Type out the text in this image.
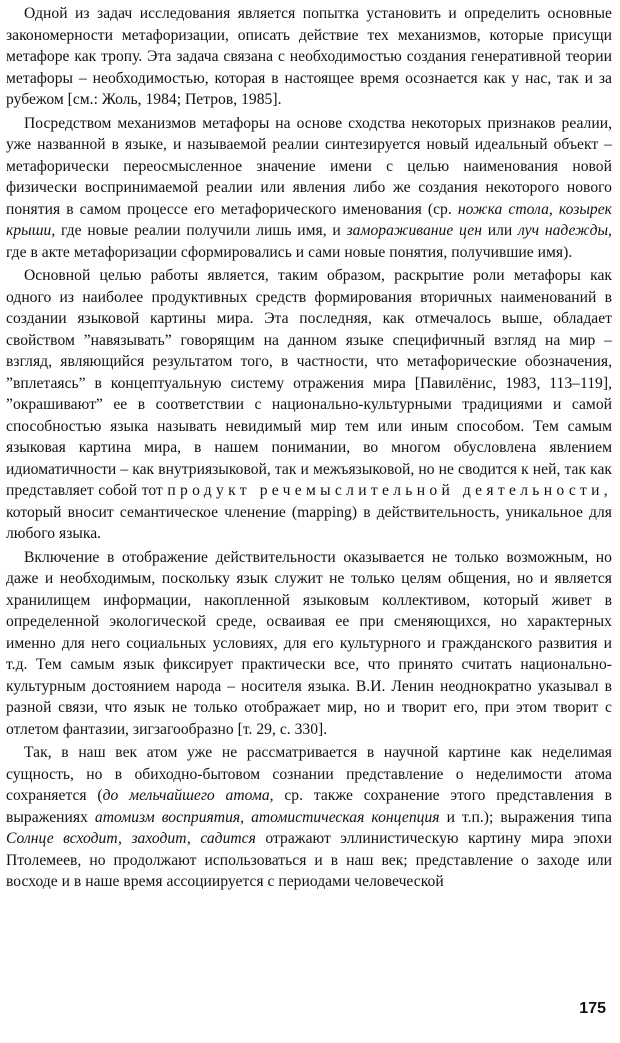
Одной из задач исследования является попытка установить и определить основные закономерности метафоризации, описать действие тех механизмов, которые присущи метафоре как тропу. Эта задача связана с необходимостью создания генеративной теории метафоры – необходимостью, которая в настоящее время осознается как у нас, так и за рубежом [см.: Жоль, 1984; Петров, 1985].

Посредством механизмов метафоры на основе сходства некоторых признаков реалии, уже названной в языке, и называемой реалии синтезируется новый идеальный объект – метафорически переосмысленное значение имени с целью наименования новой физически воспринимаемой реалии или явления либо же создания некоторого нового понятия в самом процессе его метафорического именования (ср. ножка стола, козырек крыши, где новые реалии получили лишь имя, и замораживание цен или луч надежды, где в акте метафоризации сформировались и сами новые понятия, получившие имя).

Основной целью работы является, таким образом, раскрытие роли метафоры как одного из наиболее продуктивных средств формирования вторичных наименований в создании языковой картины мира. Эта последняя, как отмечалось выше, обладает свойством ”навязывать” говорящим на данном языке специфичный взгляд на мир – взгляд, являющийся результатом того, в частности, что метафорические обозначения, ”вплетаясь” в концептуальную систему отражения мира [Павилёнис, 1983, 113–119], ”окрашивают” ее в соответствии с национально-культурными традициями и самой способностью языка называть невидимый мир тем или иным способом. Тем самым языковая картина мира, в нашем понимании, во многом обусловлена явлением идиоматичности – как внутриязыковой, так и межъязыковой, но не сводится к ней, так как представляет собой тот продукт речемыслительной деятельности, который вносит семантическое членение (mapping) в действительность, уникальное для любого языка.

Включение в отображение действительности оказывается не только возможным, но даже и необходимым, поскольку язык служит не только целям общения, но и является хранилищем информации, накопленной языковым коллективом, который живет в определенной экологической среде, осваивая ее при сменяющихся, но характерных именно для него социальных условиях, для его культурного и гражданского развития и т.д. Тем самым язык фиксирует практически все, что принято считать национально-культурным достоянием народа – носителя языка. В.И. Ленин неоднократно указывал в разной связи, что язык не только отображает мир, но и творит его, при этом творит с отлетом фантазии, зигзагообразно [т. 29, с. 330].

Так, в наш век атом уже не рассматривается в научной картине как неделимая сущность, но в обиходно-бытовом сознании представление о неделимости атома сохраняется (до мельчайшего атома, ср. также сохранение этого представления в выражениях атомизм восприятия, атомистическая концепция и т.п.); выражения типа Солнце всходит, заходит, садится отражают эллинистическую картину мира эпохи Птолемеев, но продолжают использоваться и в наш век; представление о заходе или восходе и в наше время ассоциируется с периодами человеческой

175
